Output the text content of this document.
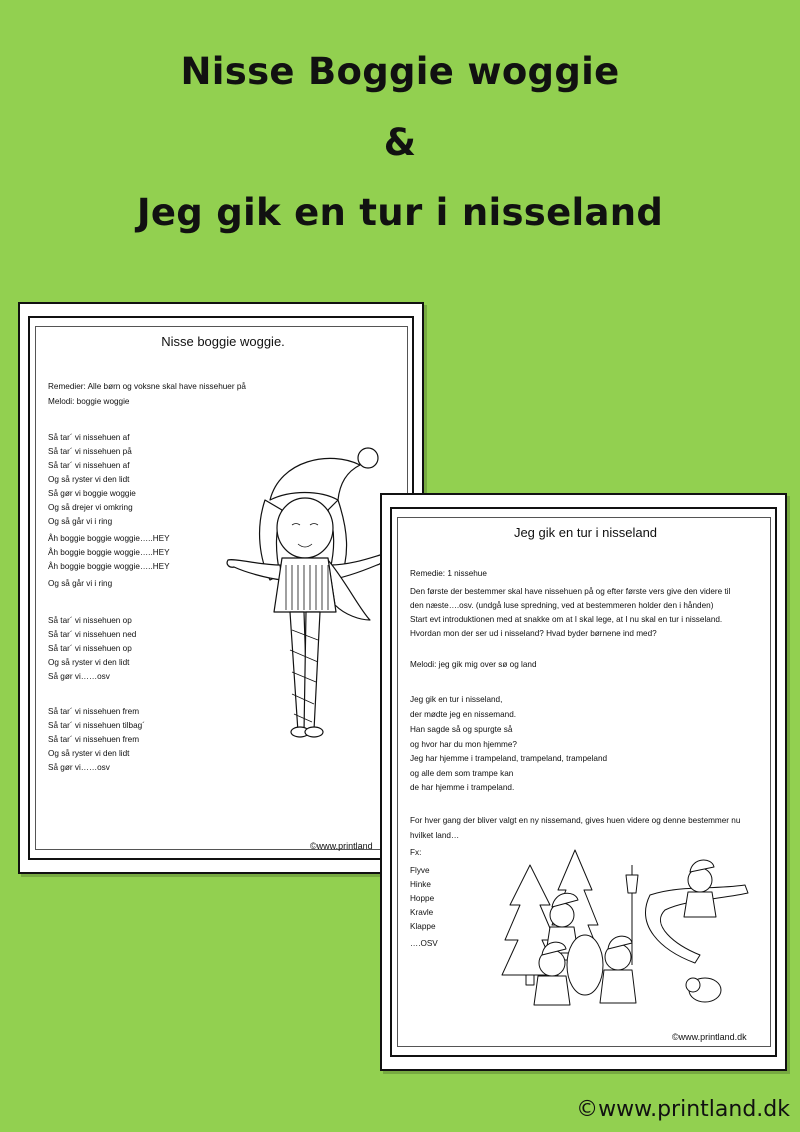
Nisse Boggie woggie
&
Jeg gik en tur i nisseland
Nisse boggie woggie.
Remedier: Alle børn og voksne skal have nissehuer på
Melodi: boggie woggie
Så tar´ vi nissehuen af
Så tar´ vi nissehuen på
Så tar´ vi nissehuen af
Og så ryster vi den lidt
Så gør vi boggie woggie
Og så drejer vi omkring
Og så går vi i ring
Åh boggie boggie woggie…..HEY
Åh boggie boggie woggie…..HEY
Åh boggie boggie woggie…..HEY
Og så går vi i ring
Så tar´ vi nissehuen op
Så tar´ vi nissehuen ned
Så tar´ vi nissehuen op
Og så ryster vi den lidt
Så gør vi……osv
Så tar´ vi nissehuen frem
Så tar´ vi nissehuen tilbag´
Så tar´ vi nissehuen frem
Og så ryster vi den lidt
Så gør vi……osv
©www.printland
Jeg gik en tur i nisseland
Remedie: 1 nissehue
Den første der bestemmer skal have nissehuen på og efter første vers give den videre til
den næste….osv. (undgå luse spredning, ved at bestemmeren holder den i hånden)
Start evt introduktionen med at snakke om at I skal lege, at I nu skal en tur i nisseland.
Hvordan mon der ser ud i nisseland? Hvad byder børnene ind med?
Melodi: jeg gik mig over sø og land
Jeg gik en tur i nisseland,
der mødte jeg en nissemand.
Han sagde så og spurgte så
og hvor har du mon hjemme?
Jeg har hjemme i trampeland, trampeland, trampeland
og alle dem som trampe kan
de har hjemme i trampeland.
For hver gang der bliver valgt en ny nissemand, gives huen videre og denne bestemmer nu
hvilket land…
Fx:
Flyve
Hinke
Hoppe
Kravle
Klappe
….OSV
©www.printland.dk
©www.printland.dk
